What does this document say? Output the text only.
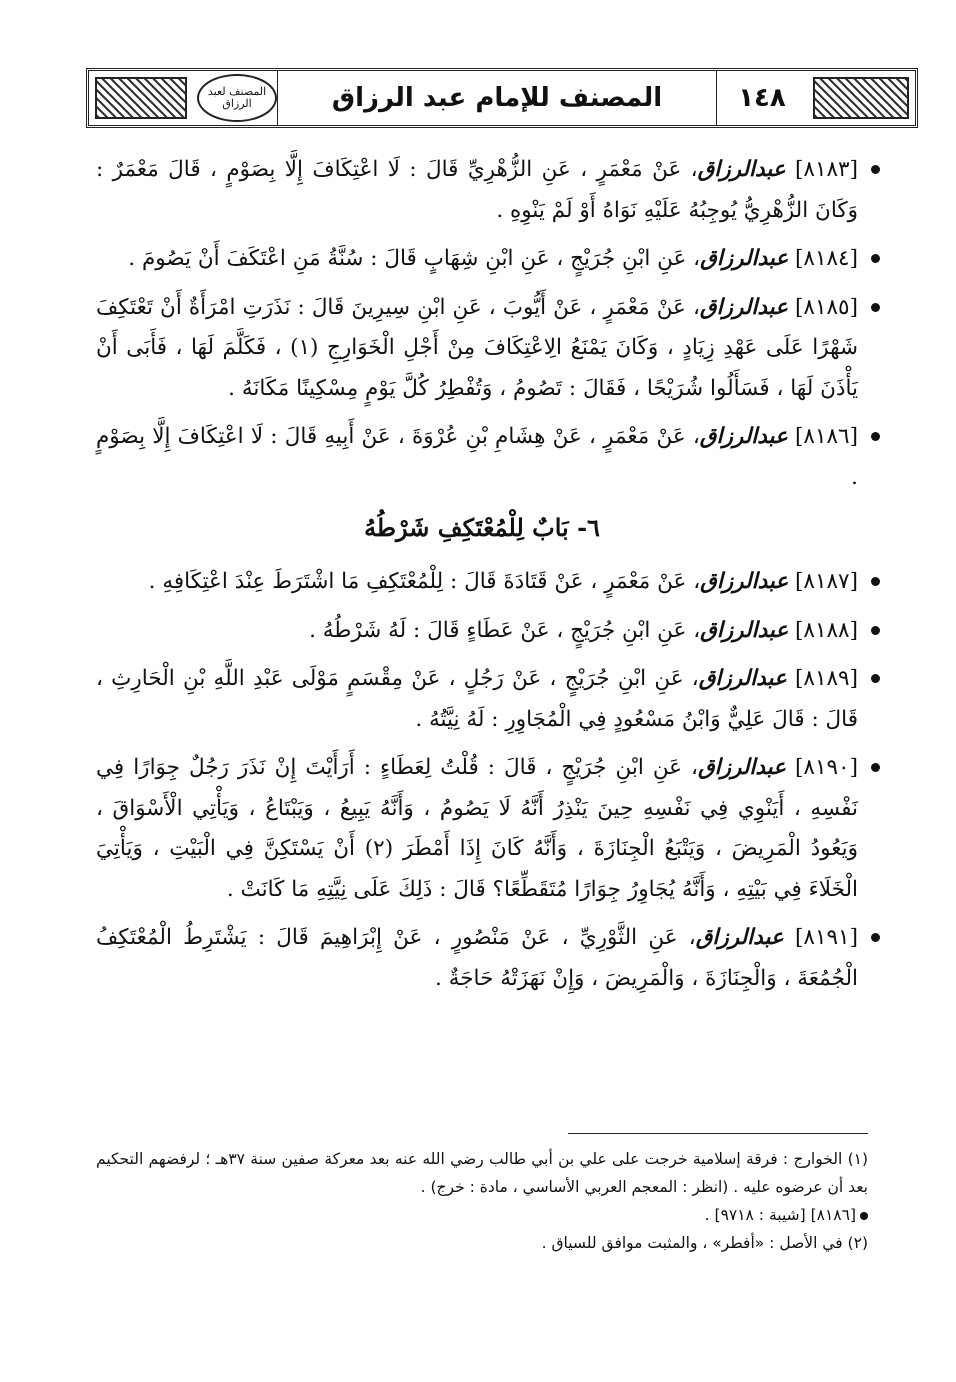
المصنف لعبد الرزاق	المصنف للإمام عبد الرزاق	١٤٨

[٨١٨٣] عبدالرزاق، عَنْ مَعْمَرٍ ، عَنِ الزُّهْرِيِّ قَالَ : لَا اعْتِكَافَ إِلَّا بِصَوْمٍ ، قَالَ مَعْمَرٌ : وَكَانَ الزُّهْرِيُّ يُوجِبُهُ عَلَيْهِ نَوَاهُ أَوْ لَمْ يَنْوِهِ .

[٨١٨٤] عبدالرزاق، عَنِ ابْنِ جُرَيْجٍ ، عَنِ ابْنِ شِهَابٍ قَالَ : سُنَّةُ مَنِ اعْتَكَفَ أَنْ يَصُومَ .

[٨١٨٥] عبدالرزاق، عَنْ مَعْمَرٍ ، عَنْ أَيُّوبَ ، عَنِ ابْنِ سِيرِينَ قَالَ : نَذَرَتِ امْرَأَةٌ أَنْ تَعْتَكِفَ شَهْرًا عَلَى عَهْدِ زِيَادٍ ، وَكَانَ يَمْنَعُ الِاعْتِكَافَ مِنْ أَجْلِ الْخَوَارِجِ (١) ، فَكَلَّمَ لَهَا ، فَأَبَى أَنْ يَأْذَنَ لَهَا ، فَسَأَلُوا شُرَيْحًا ، فَقَالَ : تَصُومُ ، وَتُفْطِرُ كُلَّ يَوْمٍ مِسْكِينًا مَكَانَهُ .

[٨١٨٦] عبدالرزاق، عَنْ مَعْمَرٍ ، عَنْ هِشَامِ بْنِ عُرْوَةَ ، عَنْ أَبِيهِ قَالَ : لَا اعْتِكَافَ إِلَّا بِصَوْمٍ .

٦- بَابٌ لِلْمُعْتَكِفِ شَرْطُهُ

[٨١٨٧] عبدالرزاق، عَنْ مَعْمَرٍ ، عَنْ قَتَادَةَ قَالَ : لِلْمُعْتَكِفِ مَا اشْتَرَطَ عِنْدَ اعْتِكَافِهِ .

[٨١٨٨] عبدالرزاق، عَنِ ابْنِ جُرَيْجٍ ، عَنْ عَطَاءٍ قَالَ : لَهُ شَرْطُهُ .

[٨١٨٩] عبدالرزاق، عَنِ ابْنِ جُرَيْجٍ ، عَنْ رَجُلٍ ، عَنْ مِقْسَمٍ مَوْلَى عَبْدِ اللَّهِ بْنِ الْحَارِثِ ، قَالَ : قَالَ عَلِيٌّ وَابْنُ مَسْعُودٍ فِي الْمُجَاوِرِ : لَهُ نِيَّتُهُ .

[٨١٩٠] عبدالرزاق، عَنِ ابْنِ جُرَيْجٍ ، قَالَ : قُلْتُ لِعَطَاءٍ : أَرَأَيْتَ إِنْ نَذَرَ رَجُلٌ جِوَارًا فِي نَفْسِهِ ، أَيَنْوِي فِي نَفْسِهِ حِينَ يَنْذِرُ أَنَّهُ لَا يَصُومُ ، وَأَنَّهُ يَبِيعُ ، وَيَبْتَاعُ ، وَيَأْتِي الْأَسْوَاقَ ، وَيَعُودُ الْمَرِيضَ ، وَيَتْبَعُ الْجِنَازَةَ ، وَأَنَّهُ كَانَ إِذَا أَمْطَرَ (٢) أَنْ يَسْتَكِنَّ فِي الْبَيْتِ ، وَيَأْتِيَ الْخَلَاءَ فِي بَيْتِهِ ، وَأَنَّهُ يُجَاوِرُ جِوَارًا مُتَقَطِّعًا؟ قَالَ : ذَلِكَ عَلَى نِيَّتِهِ مَا كَانَتْ .

[٨١٩١] عبدالرزاق، عَنِ الثَّوْرِيِّ ، عَنْ مَنْصُورٍ ، عَنْ إِبْرَاهِيمَ قَالَ : يَشْتَرِطُ الْمُعْتَكِفُ الْجُمُعَةَ ، وَالْجِنَازَةَ ، وَالْمَرِيضَ ، وَإِنْ نَهَزَتْهُ حَاجَةٌ .

(١) الخوارج : فرقة إسلامية خرجت على علي بن أبي طالب رضي الله عنه بعد معركة صفين سنة ٣٧هـ ؛ لرفضهم التحكيم بعد أن عرضوه عليه . (انظر : المعجم العربي الأساسي ، مادة : خرج) .

[٨١٨٦] [شيبة : ٩٧١٨] .

(٢) في الأصل : «أفطر» ، والمثبت موافق للسياق .
